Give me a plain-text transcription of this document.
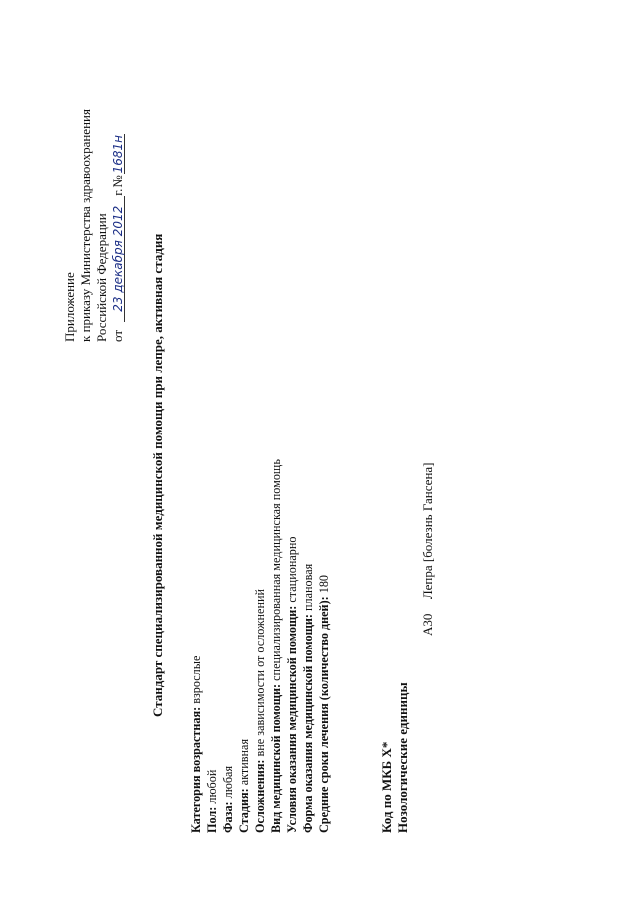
Приложение к приказу Министерства здравоохранения Российской Федерации от 23 декабря 2012г.№1681н
Стандарт специализированной медицинской помощи при лепре, активная стадия
Категория возрастная: взрослые
Пол: любой
Фаза: любая
Стадия: активная Осложнения: вне зависимости от осложнений
Вид медицинской помощи: специализированная медицинская помощь
Условия оказания медицинской помощи: стационарно
Форма оказания медицинской помощи: плановая
Средние сроки лечения (количество дней): 180
Код по МКБ X* Нозологические единицы
A30  Лепра [болезнь Гансена]
